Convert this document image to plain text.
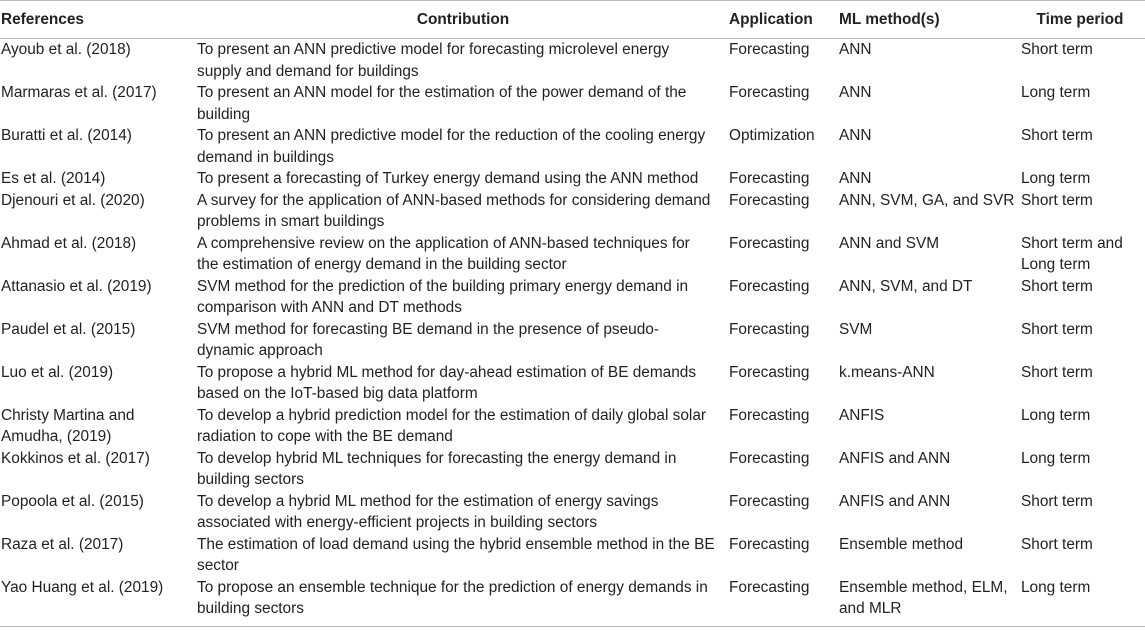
References	Contribution	Application	ML method(s)	Time period
Ayoub et al. (2018)	To present an ANN predictive model for forecasting microlevel energy supply and demand for buildings	Forecasting	ANN	Short term
Marmaras et al. (2017)	To present an ANN model for the estimation of the power demand of the building	Forecasting	ANN	Long term
Buratti et al. (2014)	To present an ANN predictive model for the reduction of the cooling energy demand in buildings	Optimization	ANN	Short term
Es et al. (2014)	To present a forecasting of Turkey energy demand using the ANN method	Forecasting	ANN	Long term
Djenouri et al. (2020)	A survey for the application of ANN-based methods for considering demand problems in smart buildings	Forecasting	ANN, SVM, GA, and SVR	Short term
Ahmad et al. (2018)	A comprehensive review on the application of ANN-based techniques for the estimation of energy demand in the building sector	Forecasting	ANN and SVM	Short term and Long term
Attanasio et al. (2019)	SVM method for the prediction of the building primary energy demand in comparison with ANN and DT methods	Forecasting	ANN, SVM, and DT	Short term
Paudel et al. (2015)	SVM method for forecasting BE demand in the presence of pseudo-dynamic approach	Forecasting	SVM	Short term
Luo et al. (2019)	To propose a hybrid ML method for day-ahead estimation of BE demands based on the IoT-based big data platform	Forecasting	k.means-ANN	Short term
Christy Martina and Amudha, (2019)	To develop a hybrid prediction model for the estimation of daily global solar radiation to cope with the BE demand	Forecasting	ANFIS	Long term
Kokkinos et al. (2017)	To develop hybrid ML techniques for forecasting the energy demand in building sectors	Forecasting	ANFIS and ANN	Long term
Popoola et al. (2015)	To develop a hybrid ML method for the estimation of energy savings associated with energy-efficient projects in building sectors	Forecasting	ANFIS and ANN	Short term
Raza et al. (2017)	The estimation of load demand using the hybrid ensemble method in the BE sector	Forecasting	Ensemble method	Short term
Yao Huang et al. (2019)	To propose an ensemble technique for the prediction of energy demands in building sectors	Forecasting	Ensemble method, ELM, and MLR	Long term
